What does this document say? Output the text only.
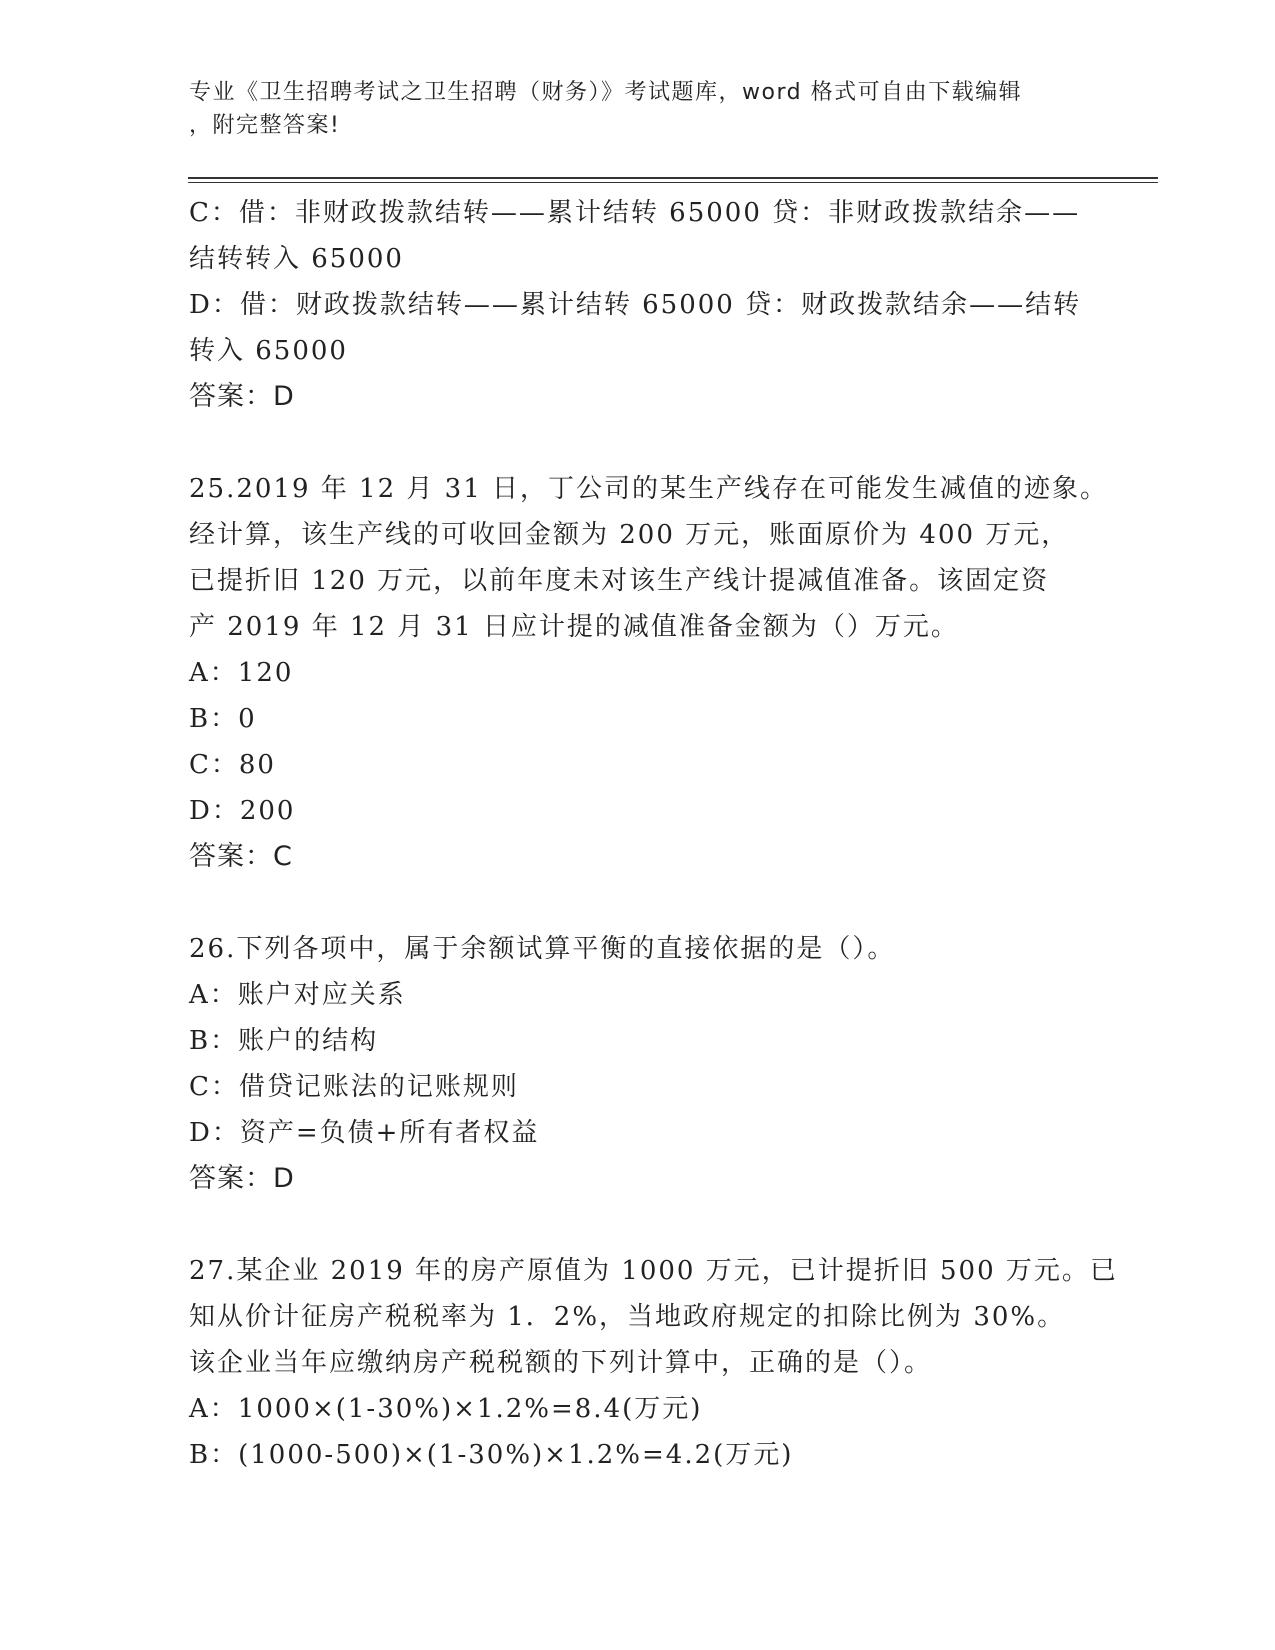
专业《卫生招聘考试之卫生招聘（财务）》考试题库，word 格式可自由下载编辑
，附完整答案!

C：借：非财政拨款结转——累计结转 65000 贷：非财政拨款结余——

结转转入 65000

D：借：财政拨款结转——累计结转 65000 贷：财政拨款结余——结转

转入 65000

答案：D

25.2019 年 12 月 31 日，丁公司的某生产线存在可能发生减值的迹象。

经计算，该生产线的可收回金额为 200 万元，账面原价为 400 万元，

已提折旧 120 万元，以前年度未对该生产线计提减值准备。该固定资

产 2019 年 12 月 31 日应计提的减值准备金额为（）万元。

A：120

B：0

C：80

D：200

答案：C

26.下列各项中，属于余额试算平衡的直接依据的是（）。

A：账户对应关系

B：账户的结构

C：借贷记账法的记账规则

D：资产=负债+所有者权益

答案：D

27.某企业 2019 年的房产原值为 1000 万元，已计提折旧 500 万元。已

知从价计征房产税税率为 1．2%，当地政府规定的扣除比例为 30%。

该企业当年应缴纳房产税税额的下列计算中，正确的是（）。

A：1000×(1-30%)×1.2%=8.4(万元)

B：(1000-500)×(1-30%)×1.2%=4.2(万元)
